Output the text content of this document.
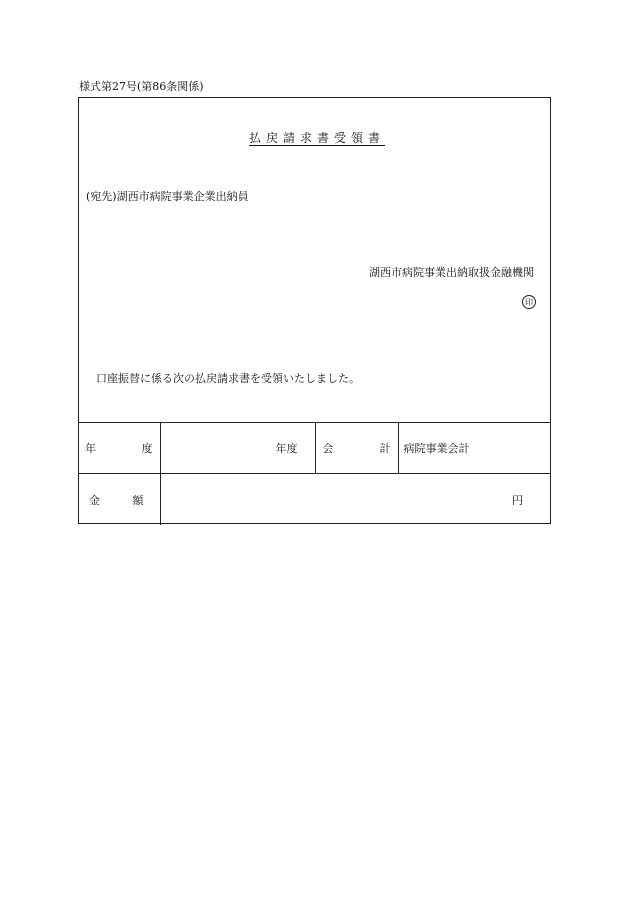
様式第27号(第86条関係)
払戻請求書受領書
(宛先)湖西市病院事業企業出納員
湖西市病院事業出納取扱金融機関
印
口座振替に係る次の払戻請求書を受領いたしました。
年 度	年度	会 計	病院事業会計

金 額	円		
